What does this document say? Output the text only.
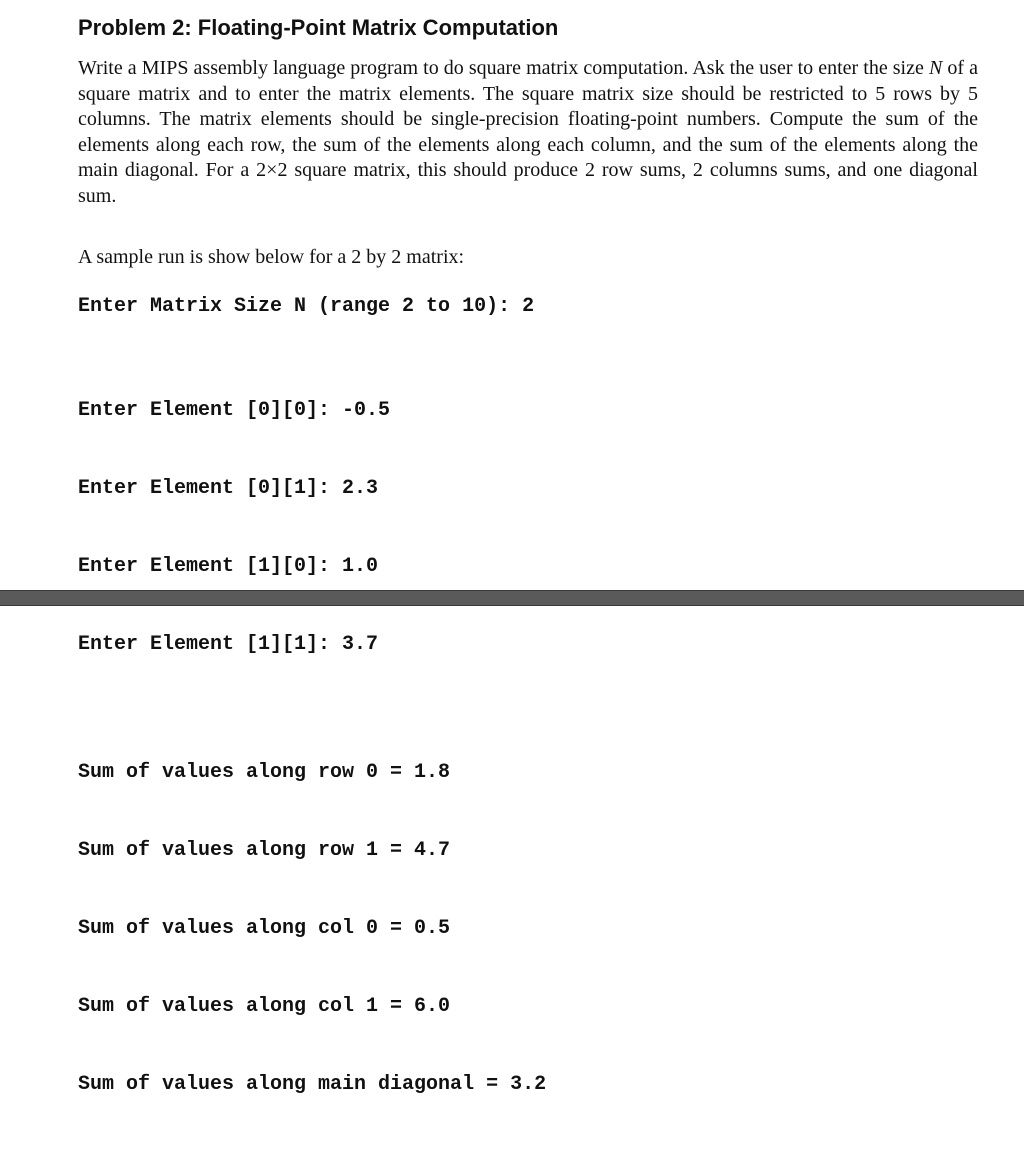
Problem 2: Floating-Point Matrix Computation
Write a MIPS assembly language program to do square matrix computation. Ask the user to enter the size N of a square matrix and to enter the matrix elements. The square matrix size should be restricted to 5 rows by 5 columns. The matrix elements should be single-precision floating-point numbers. Compute the sum of the elements along each row, the sum of the elements along each column, and the sum of the elements along the main diagonal. For a 2×2 square matrix, this should produce 2 row sums, 2 columns sums, and one diagonal sum.
A sample run is show below for a 2 by 2 matrix:
Enter Matrix Size N (range 2 to 10): 2

Enter Element [0][0]: -0.5

Enter Element [0][1]: 2.3

Enter Element [1][0]: 1.0

Enter Element [1][1]: 3.7

Sum of values along row 0 = 1.8

Sum of values along row 1 = 4.7

Sum of values along col 0 = 0.5

Sum of values along col 1 = 6.0

Sum of values along main diagonal = 3.2
